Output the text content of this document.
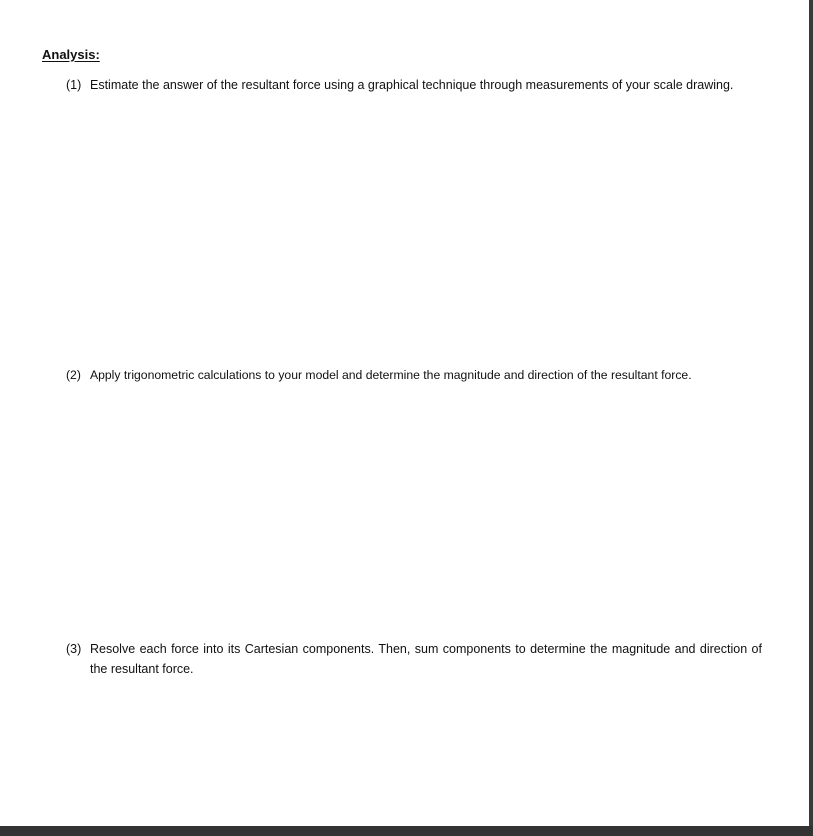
Analysis:
(1) Estimate the answer of the resultant force using a graphical technique through measurements of your scale drawing.
(2) Apply trigonometric calculations to your model and determine the magnitude and direction of the resultant force.
(3) Resolve each force into its Cartesian components. Then, sum components to determine the magnitude and direction of the resultant force.
